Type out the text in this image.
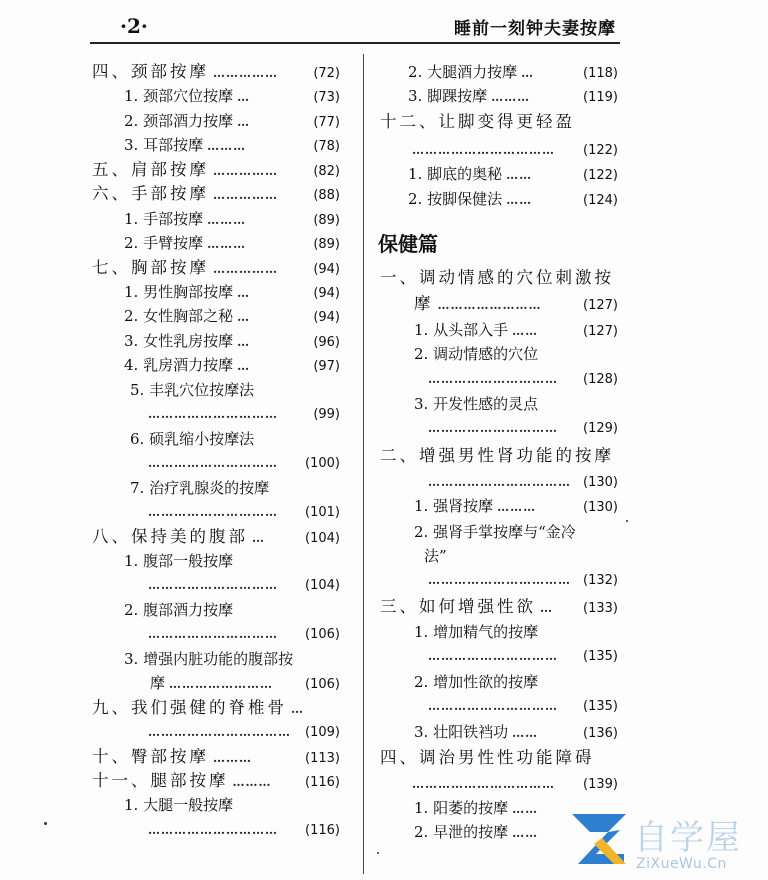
·2·	睡前一刻钟夫妻按摩
四、颈部按摩 ……………	(72)
1. 颈部穴位按摩 …	(73)
2. 颈部酒力按摩 …	(77)
3. 耳部按摩 ………	(78)
五、肩部按摩 ……………	(82)
六、手部按摩 ……………	(88)
1. 手部按摩 ………	(89)
2. 手臂按摩 ………	(89)
七、胸部按摩 ……………	(94)
1. 男性胸部按摩 …	(94)
2. 女性胸部之秘 …	(94)
3. 女性乳房按摩 …	(96)
4. 乳房酒力按摩 …	(97)
5. 丰乳穴位按摩法
…………………………	(99)
6. 硕乳缩小按摩法
…………………………	(100)
7. 治疗乳腺炎的按摩
…………………………	(101)
八、保持美的腹部 …	(104)
1. 腹部一般按摩
…………………………	(104)
2. 腹部酒力按摩
…………………………	(106)
3. 增强内脏功能的腹部按
摩 ……………………	(106)
九、我们强健的脊椎骨 …
……………………………	(109)
十、臀部按摩 ………	(113)
十一、腿部按摩 ………	(116)
1. 大腿一般按摩
…………………………	(116)
2. 大腿酒力按摩 …	(118)
3. 脚踝按摩 ………	(119)
十二、让脚变得更轻盈
……………………………	(122)
1. 脚底的奥秘 ……	(122)
2. 按脚保健法 ……	(124)
一、调动情感的穴位刺激按
摩 ……………………	(127)
1. 从头部入手 ……	(127)
2. 调动情感的穴位
…………………………	(128)
3. 开发性感的灵点
…………………………	(129)
二、增强男性肾功能的按摩
…………………………… (130)
1. 强肾按摩 ………	(130)
2. 强肾手掌按摩与“金冷
法”
…………………………… (132)
三、如何增强性欲 …	(133)
1. 增加精气的按摩
…………………………	(135)
2. 增加性欲的按摩
…………………………	(135)
3. 壮阳铁裆功 ……	(136)
四、调治男性性功能障碍
……………………………	(139)
1. 阳萎的按摩 ……
2. 早泄的按摩 ……
保健篇
自学屋
ZiXueWu.Cn
